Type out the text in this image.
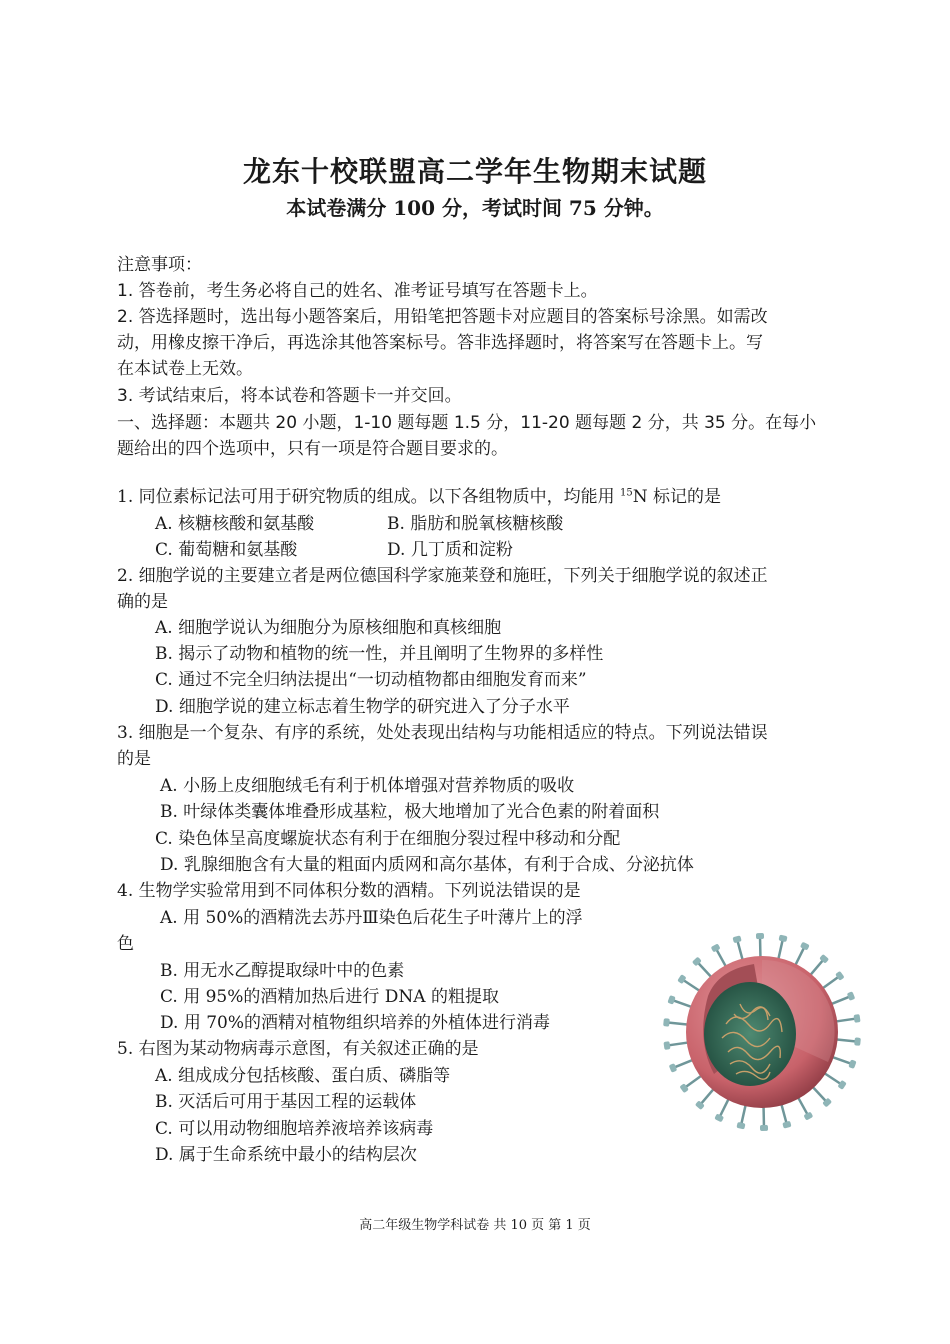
龙东十校联盟高二学年生物期末试题
本试卷满分 100 分，考试时间 75 分钟。
注意事项：
1. 答卷前，考生务必将自己的姓名、准考证号填写在答题卡上。
2. 答选择题时，选出每小题答案后，用铅笔把答题卡对应题目的答案标号涂黑。如需改
动，用橡皮擦干净后，再选涂其他答案标号。答非选择题时，将答案写在答题卡上。写
在本试卷上无效。
3. 考试结束后，将本试卷和答题卡一并交回。
一、选择题：本题共 20 小题，1-10 题每题 1.5 分，11-20 题每题 2 分，共 35 分。在每小
题给出的四个选项中，只有一项是符合题目要求的。
1. 同位素标记法可用于研究物质的组成。以下各组物质中，均能用 $^{15}$N 标记的是
A. 核糖核酸和氨基酸	B. 脂肪和脱氧核糖核酸
C. 葡萄糖和氨基酸	D. 几丁质和淀粉
2. 细胞学说的主要建立者是两位德国科学家施莱登和施旺，下列关于细胞学说的叙述正
确的是
A. 细胞学说认为细胞分为原核细胞和真核细胞
B. 揭示了动物和植物的统一性，并且阐明了生物界的多样性
C. 通过不完全归纳法提出“一切动植物都由细胞发育而来”
D. 细胞学说的建立标志着生物学的研究进入了分子水平
3. 细胞是一个复杂、有序的系统，处处表现出结构与功能相适应的特点。下列说法错误
的是
A. 小肠上皮细胞绒毛有利于机体增强对营养物质的吸收
B. 叶绿体类囊体堆叠形成基粒，极大地增加了光合色素的附着面积
C. 染色体呈高度螺旋状态有利于在细胞分裂过程中移动和分配
D. 乳腺细胞含有大量的粗面内质网和高尔基体，有利于合成、分泌抗体
4. 生物学实验常用到不同体积分数的酒精。下列说法错误的是
A. 用 50%的酒精洗去苏丹Ⅲ染色后花生子叶薄片上的浮
色
B. 用无水乙醇提取绿叶中的色素
C. 用 95%的酒精加热后进行 DNA 的粗提取
D. 用 70%的酒精对植物组织培养的外植体进行消毒
5. 右图为某动物病毒示意图，有关叙述正确的是
A. 组成成分包括核酸、蛋白质、磷脂等
B. 灭活后可用于基因工程的运载体
C. 可以用动物细胞培养液培养该病毒
D. 属于生命系统中最小的结构层次
高二年级生物学科试卷 共 10 页 第 1 页
